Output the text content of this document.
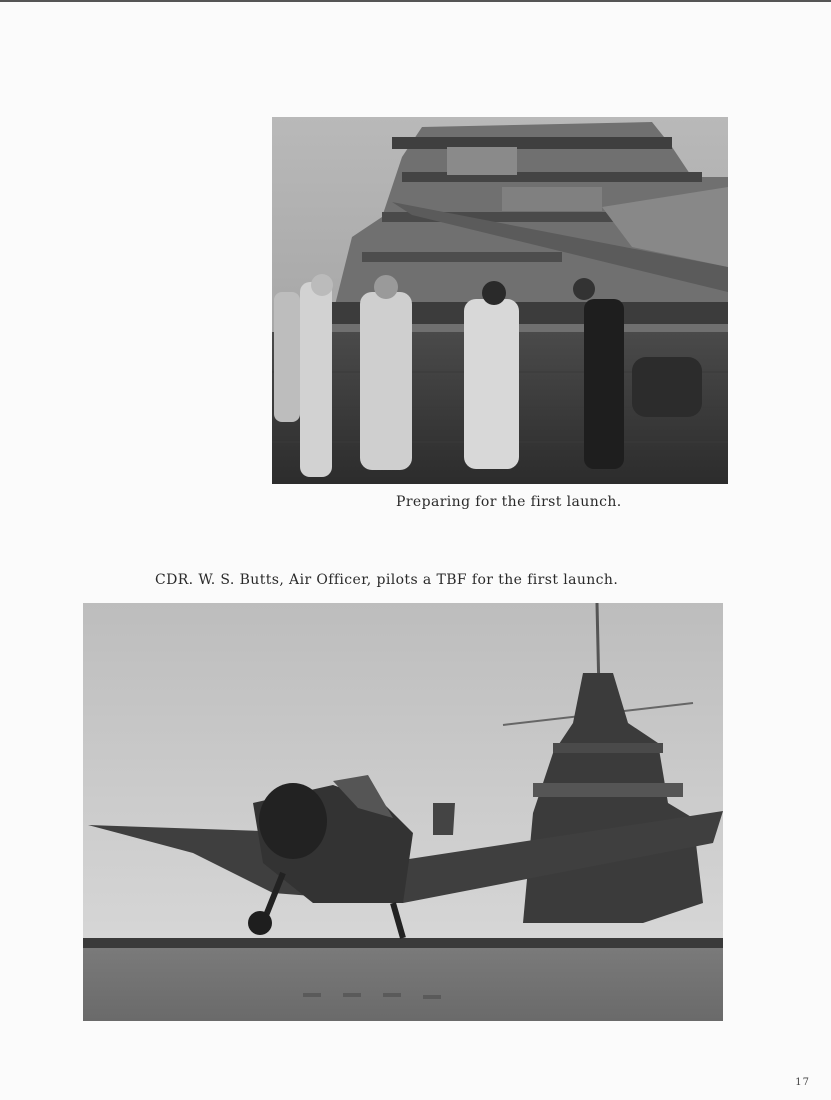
Preparing for the first launch.
CDR. W. S. Butts, Air Officer, pilots a TBF for the first launch.
17
